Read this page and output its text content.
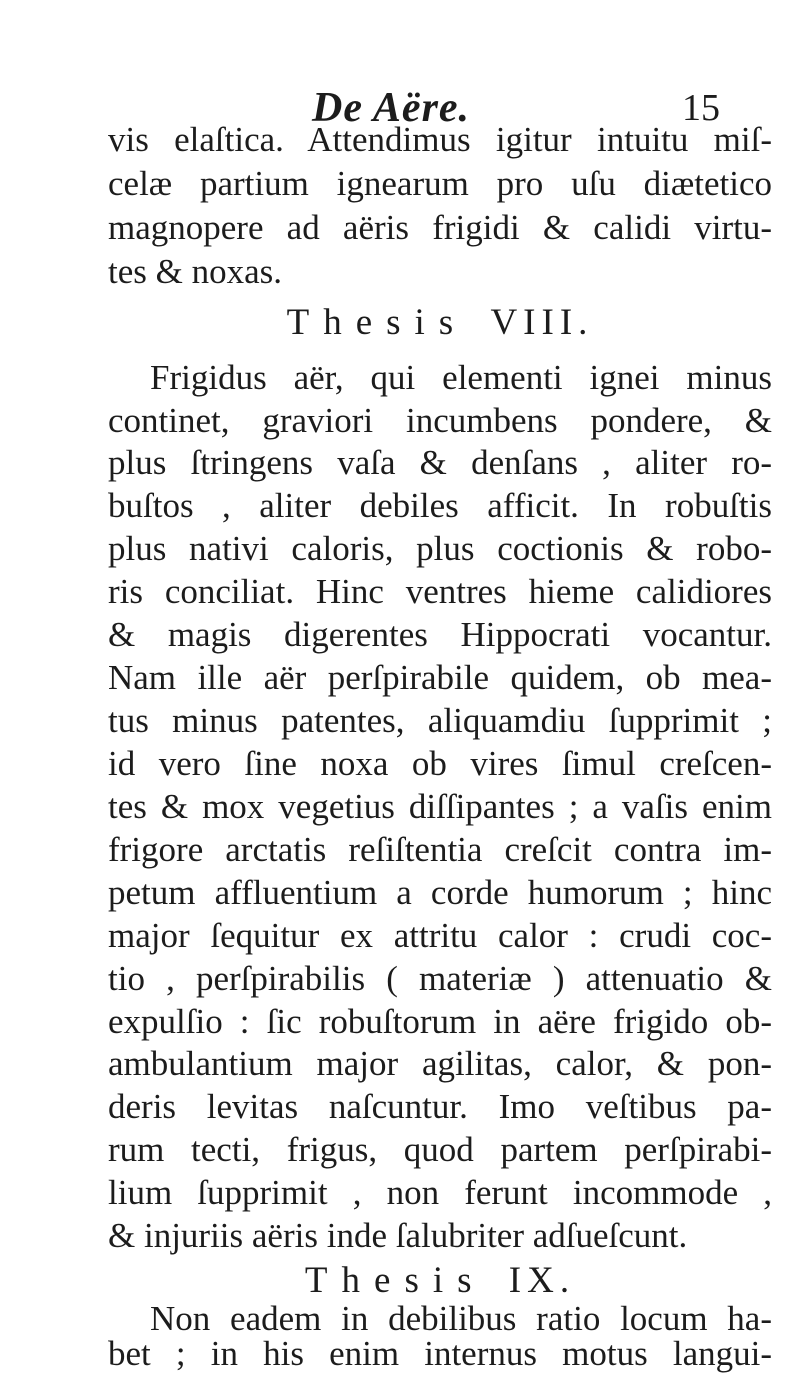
De Aëre.	15
vis elaſtica. Attendimus igitur intuitu miſ-
celæ partium ignearum pro uſu diætetico
magnopere ad aëris frigidi & calidi virtu-
tes & noxas.
Thesis VIII.
Frigidus aër, qui elementi ignei minus
continet, graviori incumbens pondere, &
plus ſtringens vaſa & denſans , aliter ro-
buſtos , aliter debiles afficit. In robuſtis
plus nativi caloris, plus coctionis & robo-
ris conciliat. Hinc ventres hieme calidiores
& magis digerentes Hippocrati vocantur.
Nam ille aër perſpirabile quidem, ob mea-
tus minus patentes, aliquamdiu ſupprimit ;
id vero ſine noxa ob vires ſimul creſcen-
tes & mox vegetius diſſipantes ; a vaſis enim
frigore arctatis reſiſtentia creſcit contra im-
petum affluentium a corde humorum ; hinc
major ſequitur ex attritu calor : crudi coc-
tio , perſpirabilis ( materiæ ) attenuatio &
expulſio : ſic robuſtorum in aëre frigido ob-
ambulantium major agilitas, calor, & pon-
deris levitas naſcuntur. Imo veſtibus pa-
rum tecti, frigus, quod partem perſpirabi-
lium ſupprimit , non ferunt incommode ,
& injuriis aëris inde ſalubriter adſueſcunt.
Thesis IX.
Non eadem in debilibus ratio locum ha-
bet ; in his enim internus motus langui-
